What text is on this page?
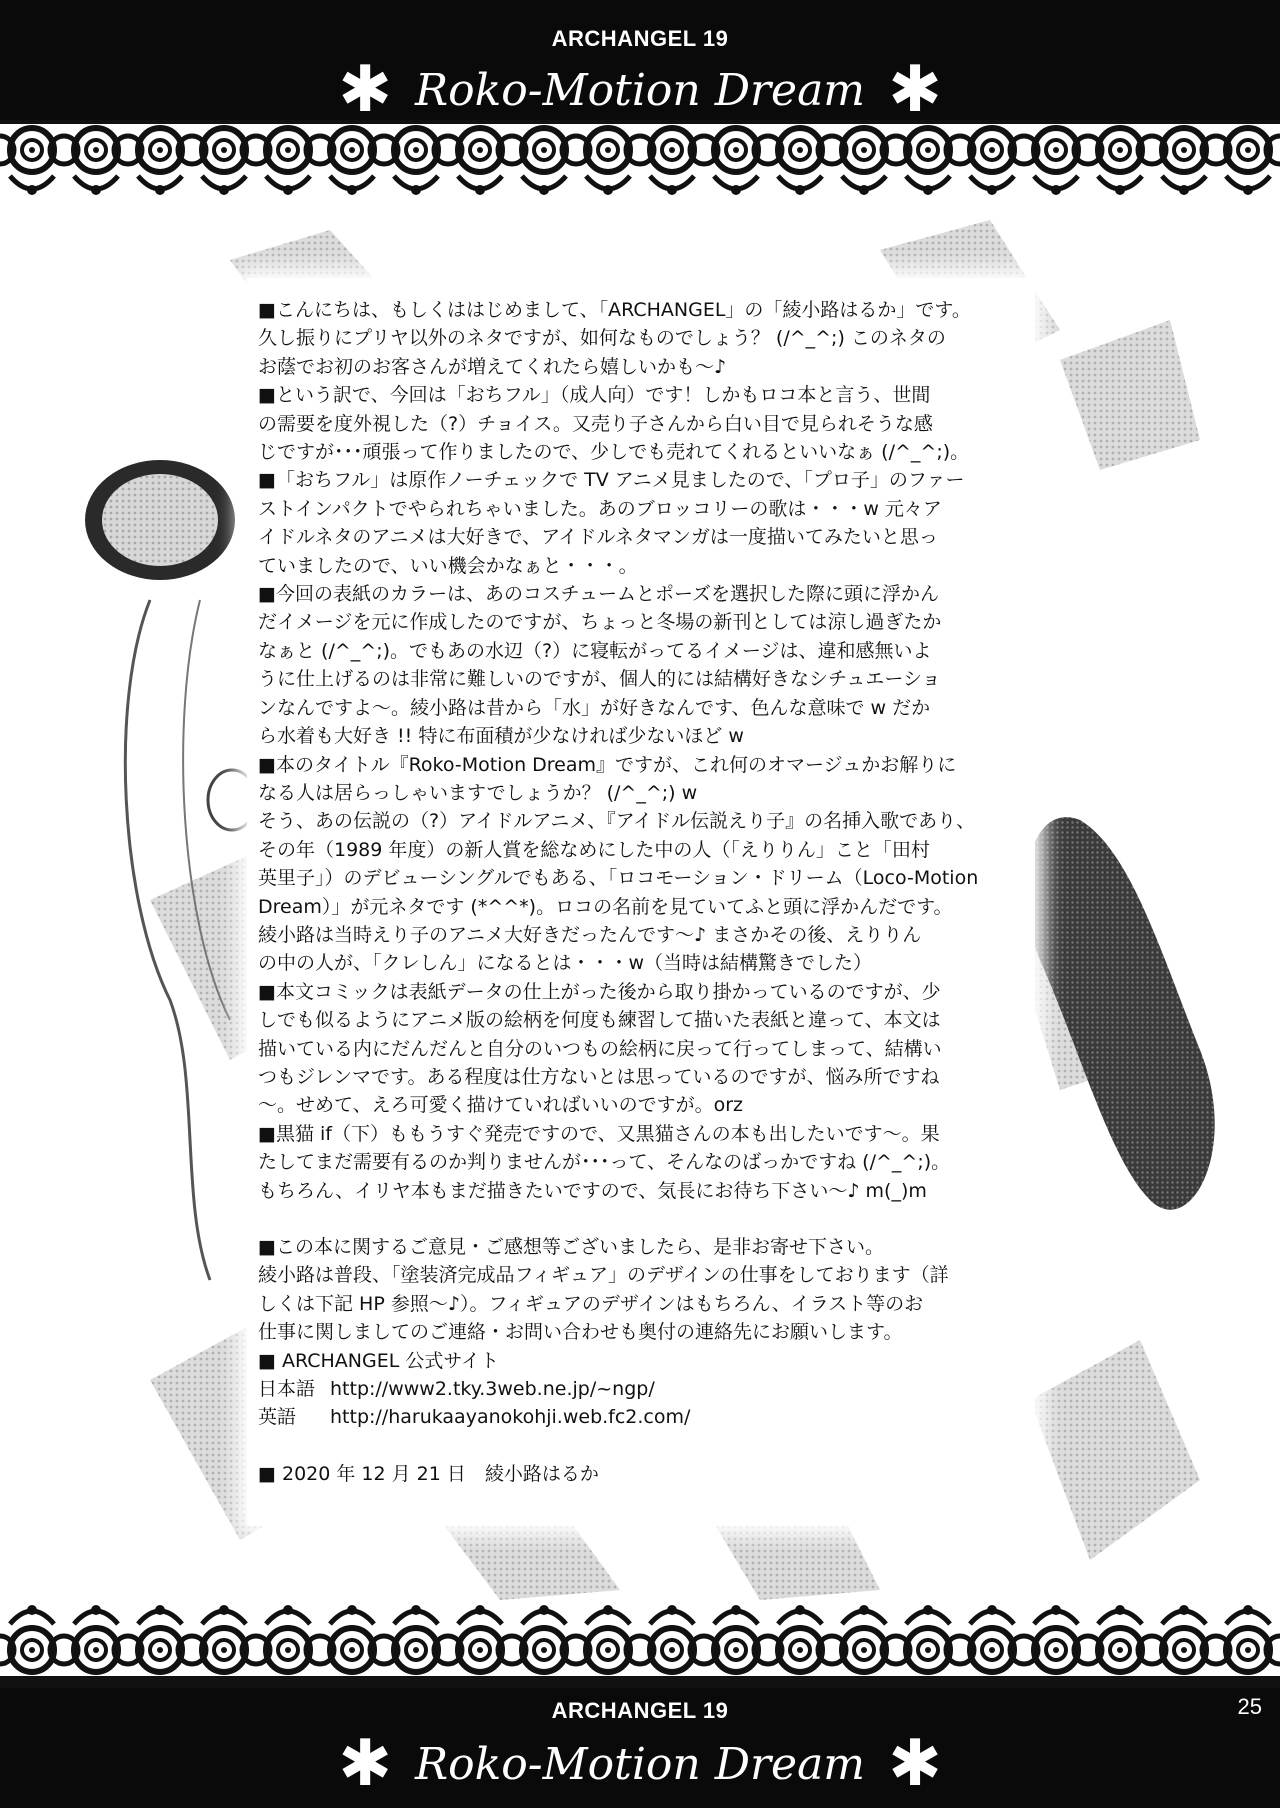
ARCHANGEL 19
✱ Roko-Motion Dream ✱

■こんにちは、もしくははじめまして、「ARCHANGEL」の「綾小路はるか」です。
久し振りにプリヤ以外のネタですが、如何なものでしょう？ (/^_^;) このネタの
お蔭でお初のお客さんが増えてくれたら嬉しいかも～♪

■という訳で、今回は「おちフル」（成人向）です！しかもロコ本と言う、世間
の需要を度外視した（?）チョイス。又売り子さんから白い目で見られそうな感
じですが･･･頑張って作りましたので、少しでも売れてくれるといいなぁ (/^_^;)。

■「おちフル」は原作ノーチェックで TV アニメ見ましたので、「プロ子」のファー
ストインパクトでやられちゃいました。あのブロッコリーの歌は・・・w 元々ア
イドルネタのアニメは大好きで、アイドルネタマンガは一度描いてみたいと思っ
ていましたので、いい機会かなぁと・・・。

■今回の表紙のカラーは、あのコスチュームとポーズを選択した際に頭に浮かん
だイメージを元に作成したのですが、ちょっと冬場の新刊としては涼し過ぎたか
なぁと (/^_^;)。でもあの水辺（?）に寝転がってるイメージは、違和感無いよ
うに仕上げるのは非常に難しいのですが、個人的には結構好きなシチュエーショ
ンなんですよ～。綾小路は昔から「水」が好きなんです、色んな意味で w だか
ら水着も大好き !! 特に布面積が少なければ少ないほど w

■本のタイトル『Roko-Motion Dream』ですが、これ何のオマージュかお解りに
なる人は居らっしゃいますでしょうか？ (/^_^;) w
そう、あの伝説の（?）アイドルアニメ、『アイドル伝説えり子』の名挿入歌であり、
その年（1989 年度）の新人賞を総なめにした中の人（「えりりん」こと「田村
英里子」）のデビューシングルでもある、「ロコモーション・ドリーム（Loco-Motion
Dream）」が元ネタです (*^^*)。ロコの名前を見ていてふと頭に浮かんだです。
綾小路は当時えり子のアニメ大好きだったんです～♪ まさかその後、えりりん
の中の人が、「クレしん」になるとは・・・w（当時は結構驚きでした）

■本文コミックは表紙データの仕上がった後から取り掛かっているのですが、少
しでも似るようにアニメ版の絵柄を何度も練習して描いた表紙と違って、本文は
描いている内にだんだんと自分のいつもの絵柄に戻って行ってしまって、結構い
つもジレンマです。ある程度は仕方ないとは思っているのですが、悩み所ですね
～。せめて、えろ可愛く描けていればいいのですが。orz

■黒猫 if（下）ももうすぐ発売ですので、又黒猫さんの本も出したいです～。果
たしてまだ需要有るのか判りませんが･･･って、そんなのばっかですね (/^_^;)。
もちろん、イリヤ本もまだ描きたいですので、気長にお待ち下さい～♪ m(_)m

■この本に関するご意見・ご感想等ございましたら、是非お寄せ下さい。
綾小路は普段、「塗装済完成品フィギュア」のデザインの仕事をしております（詳
しくは下記 HP 参照～♪）。フィギュアのデザインはもちろん、イラスト等のお
仕事に関しましてのご連絡・お問い合わせも奥付の連絡先にお願いします。

■ ARCHANGEL 公式サイト

日本語 http://www2.tky.3web.ne.jp/~ngp/
英語	http://harukaayanokohji.web.fc2.com/

■ 2020 年 12 月 21 日　綾小路はるか

ARCHANGEL 19
✱ Roko-Motion Dream ✱
25
